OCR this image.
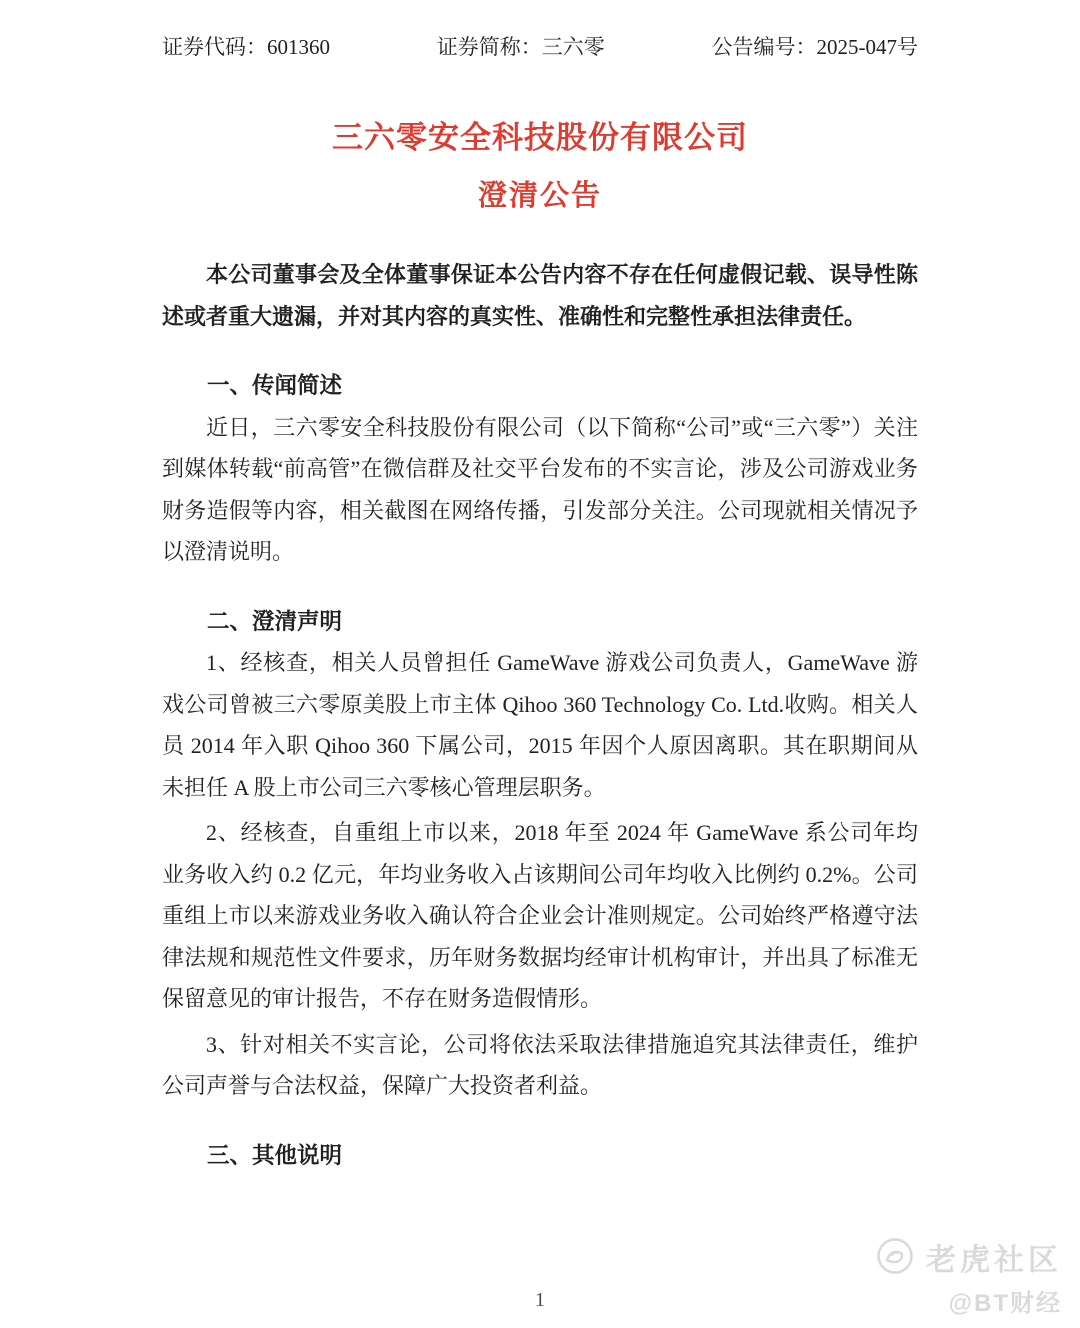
证券代码：601360	证券简称：三六零	公告编号：2025-047号
三六零安全科技股份有限公司
澄清公告

本公司董事会及全体董事保证本公告内容不存在任何虚假记载、误导性陈述或者重大遗漏，并对其内容的真实性、准确性和完整性承担法律责任。

一、传闻简述

近日，三六零安全科技股份有限公司（以下简称“公司”或“三六零”）关注到媒体转载“前高管”在微信群及社交平台发布的不实言论，涉及公司游戏业务财务造假等内容，相关截图在网络传播，引发部分关注。公司现就相关情况予以澄清说明。

二、澄清声明

1、经核查，相关人员曾担任 GameWave 游戏公司负责人，GameWave 游戏公司曾被三六零原美股上市主体 Qihoo 360 Technology Co. Ltd.收购。相关人员 2014 年入职 Qihoo 360 下属公司，2015 年因个人原因离职。其在职期间从未担任 A 股上市公司三六零核心管理层职务。

2、经核查，自重组上市以来，2018 年至 2024 年 GameWave 系公司年均业务收入约 0.2 亿元，年均业务收入占该期间公司年均收入比例约 0.2%。公司重组上市以来游戏业务收入确认符合企业会计准则规定。公司始终严格遵守法律法规和规范性文件要求，历年财务数据均经审计机构审计，并出具了标准无保留意见的审计报告，不存在财务造假情形。

3、针对相关不实言论，公司将依法采取法律措施追究其法律责任，维护公司声誉与合法权益，保障广大投资者利益。

三、其他说明
1
老虎社区
@BT财经
